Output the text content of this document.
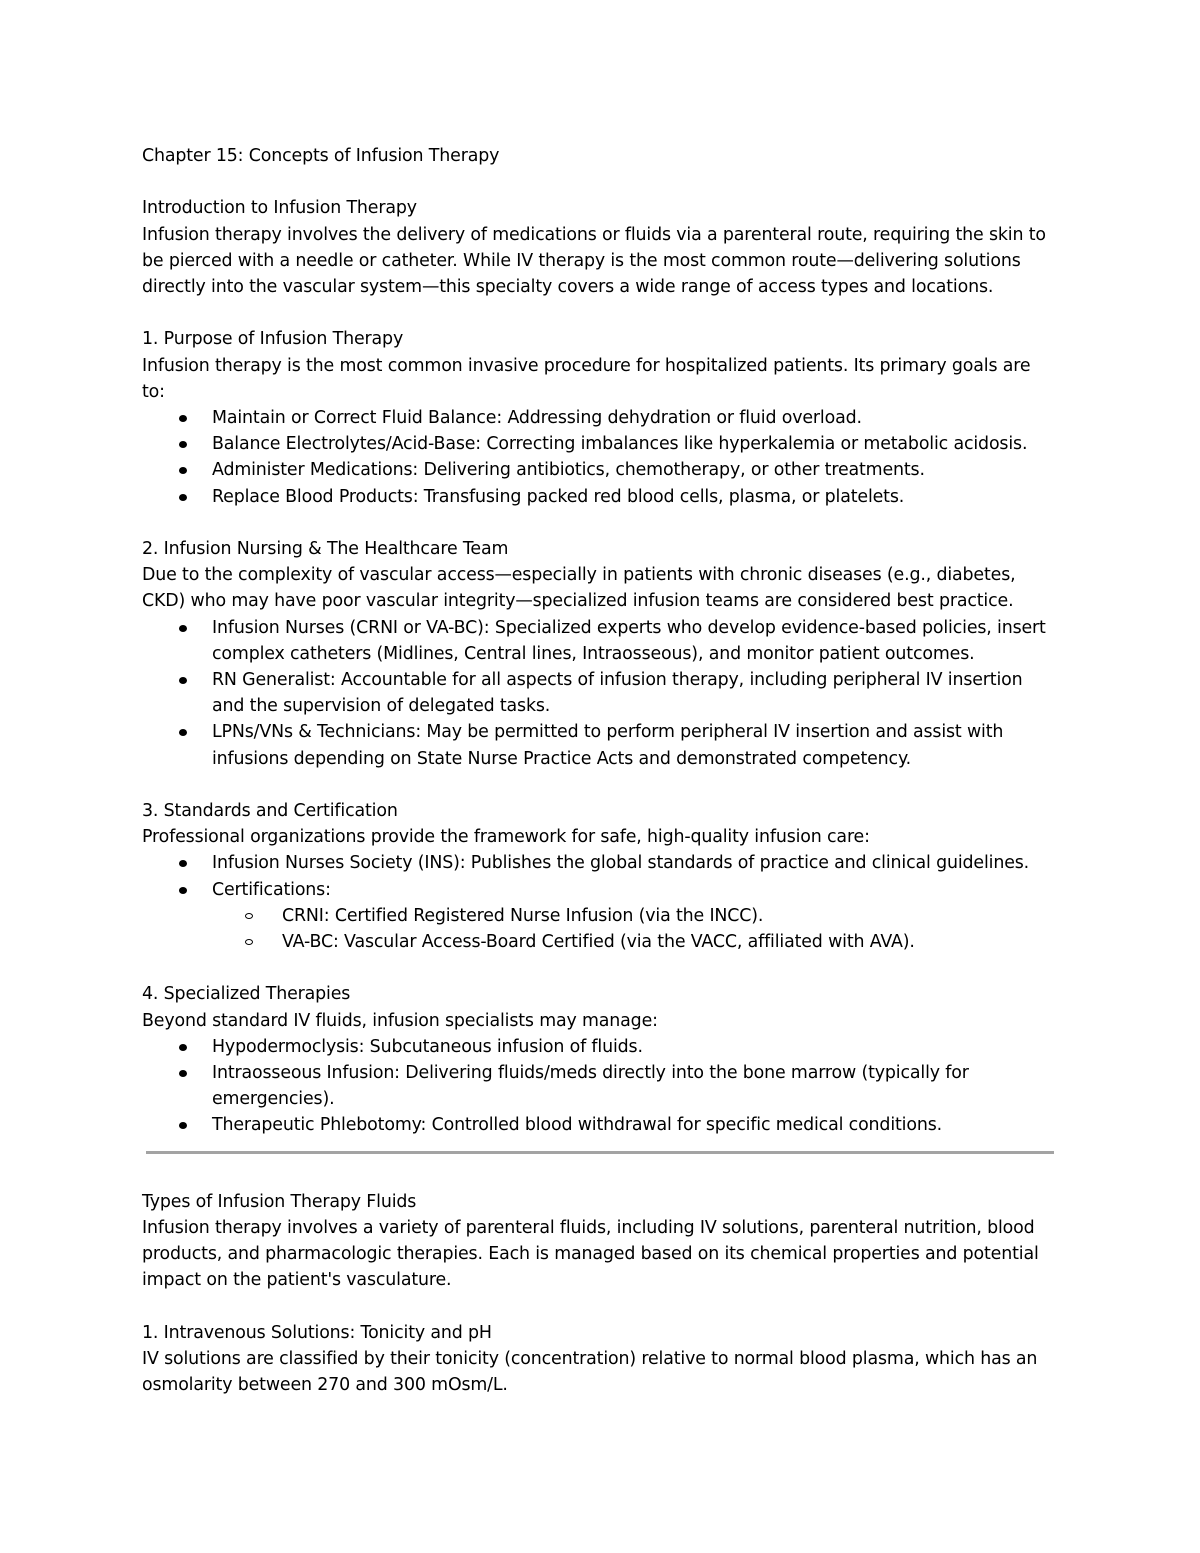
Chapter 15: Concepts of Infusion Therapy

Introduction to Infusion Therapy

Infusion therapy involves the delivery of medications or fluids via a parenteral route, requiring the skin to

be pierced with a needle or catheter. While IV therapy is the most common route—delivering solutions

directly into the vascular system—this specialty covers a wide range of access types and locations.

1. Purpose of Infusion Therapy

Infusion therapy is the most common invasive procedure for hospitalized patients. Its primary goals are

to:

Maintain or Correct Fluid Balance: Addressing dehydration or fluid overload.
Balance Electrolytes/Acid-Base: Correcting imbalances like hyperkalemia or metabolic acidosis.
Administer Medications: Delivering antibiotics, chemotherapy, or other treatments.
Replace Blood Products: Transfusing packed red blood cells, plasma, or platelets.

2. Infusion Nursing & The Healthcare Team

Due to the complexity of vascular access—especially in patients with chronic diseases (e.g., diabetes,

CKD) who may have poor vascular integrity—specialized infusion teams are considered best practice.

Infusion Nurses (CRNI or VA-BC): Specialized experts who develop evidence-based policies, insert
complex catheters (Midlines, Central lines, Intraosseous), and monitor patient outcomes.
RN Generalist: Accountable for all aspects of infusion therapy, including peripheral IV insertion
and the supervision of delegated tasks.
LPNs/VNs & Technicians: May be permitted to perform peripheral IV insertion and assist with
infusions depending on State Nurse Practice Acts and demonstrated competency.

3. Standards and Certification

Professional organizations provide the framework for safe, high-quality infusion care:

Infusion Nurses Society (INS): Publishes the global standards of practice and clinical guidelines.
Certifications:
CRNI: Certified Registered Nurse Infusion (via the INCC).
VA-BC: Vascular Access-Board Certified (via the VACC, affiliated with AVA).

4. Specialized Therapies

Beyond standard IV fluids, infusion specialists may manage:

Hypodermoclysis: Subcutaneous infusion of fluids.
Intraosseous Infusion: Delivering fluids/meds directly into the bone marrow (typically for
emergencies).
Therapeutic Phlebotomy: Controlled blood withdrawal for specific medical conditions.

Types of Infusion Therapy Fluids

Infusion therapy involves a variety of parenteral fluids, including IV solutions, parenteral nutrition, blood

products, and pharmacologic therapies. Each is managed based on its chemical properties and potential

impact on the patient's vasculature.

1. Intravenous Solutions: Tonicity and pH

IV solutions are classified by their tonicity (concentration) relative to normal blood plasma, which has an

osmolarity between 270 and 300 mOsm/L.
